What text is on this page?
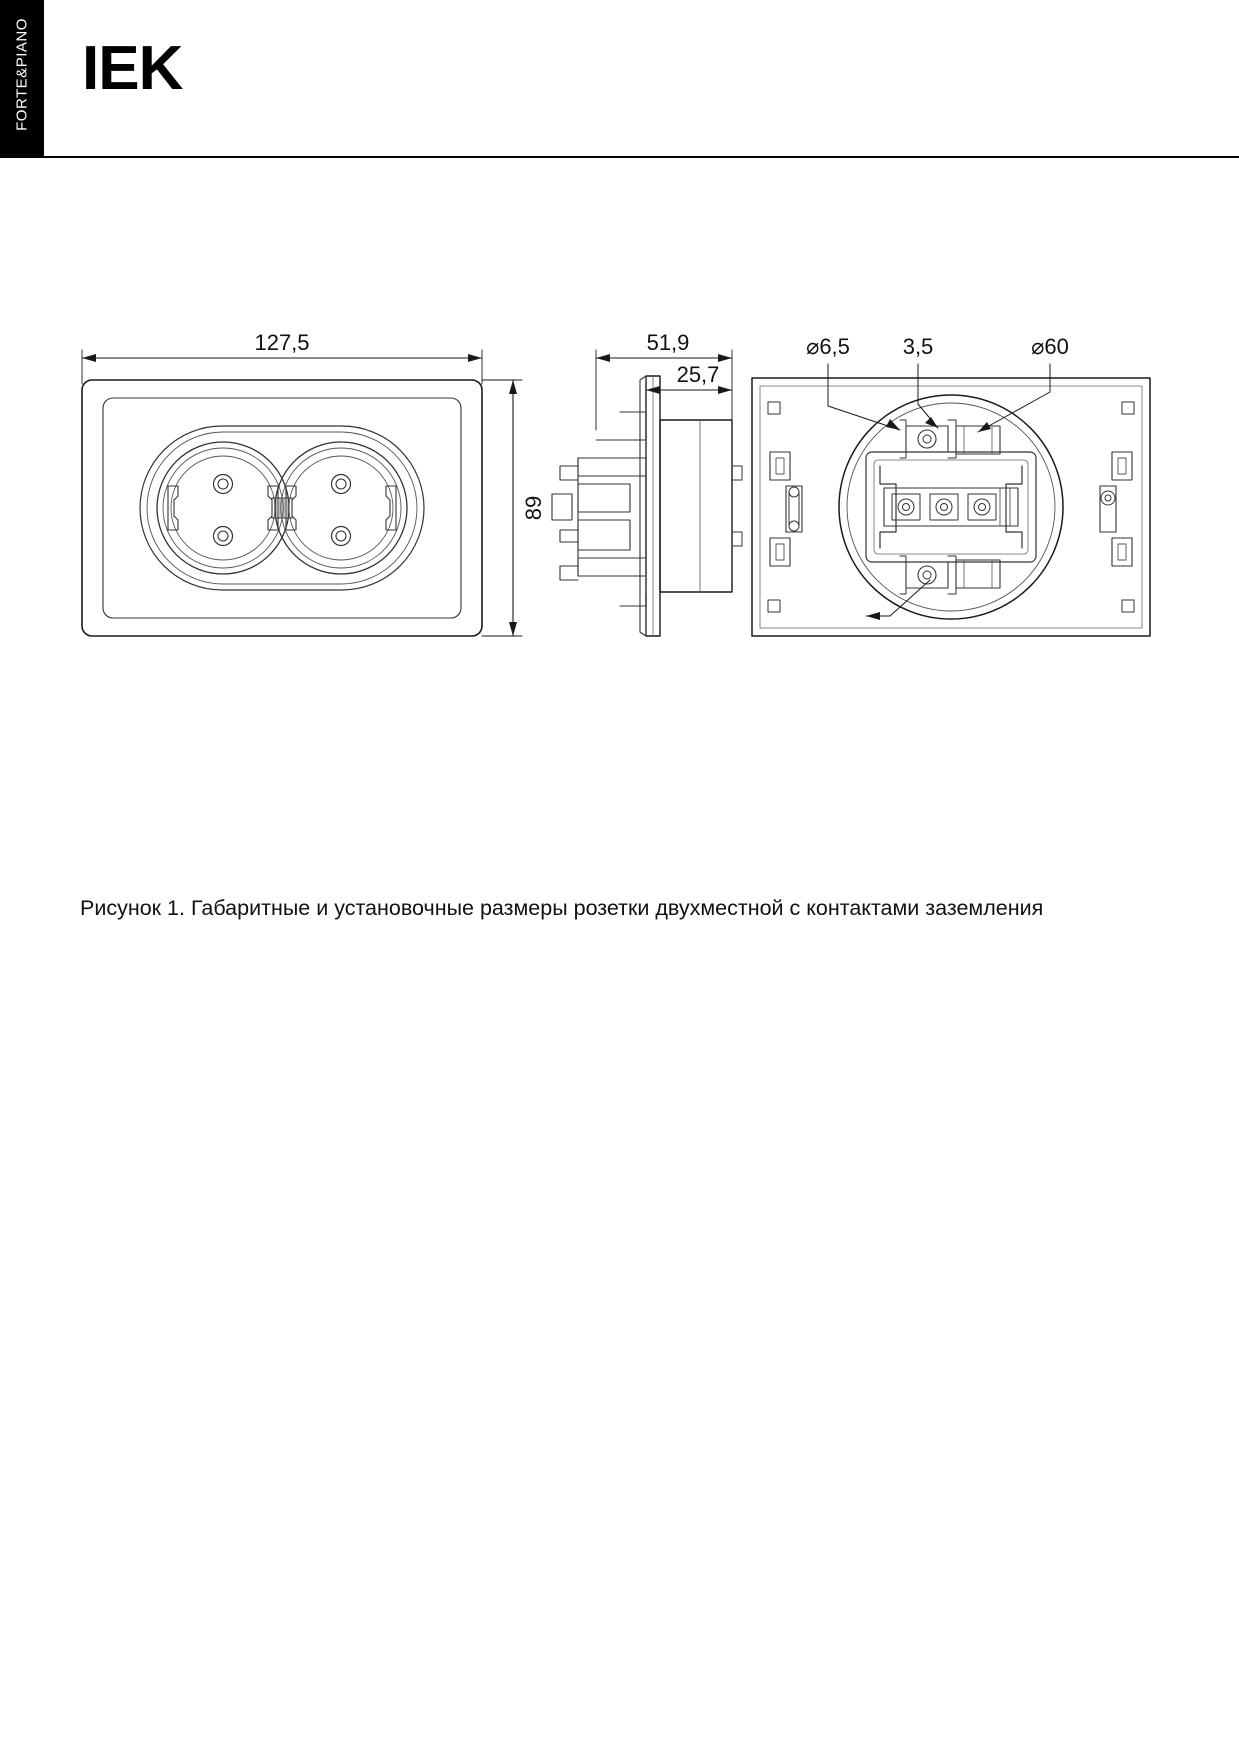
FORTE&PIANO IEK
127,5	51,9
25,7
⌀6,5 3,5	⌀60
89
Рисунок 1. Габаритные и установочные размеры розетки двухместной с контактами заземления
